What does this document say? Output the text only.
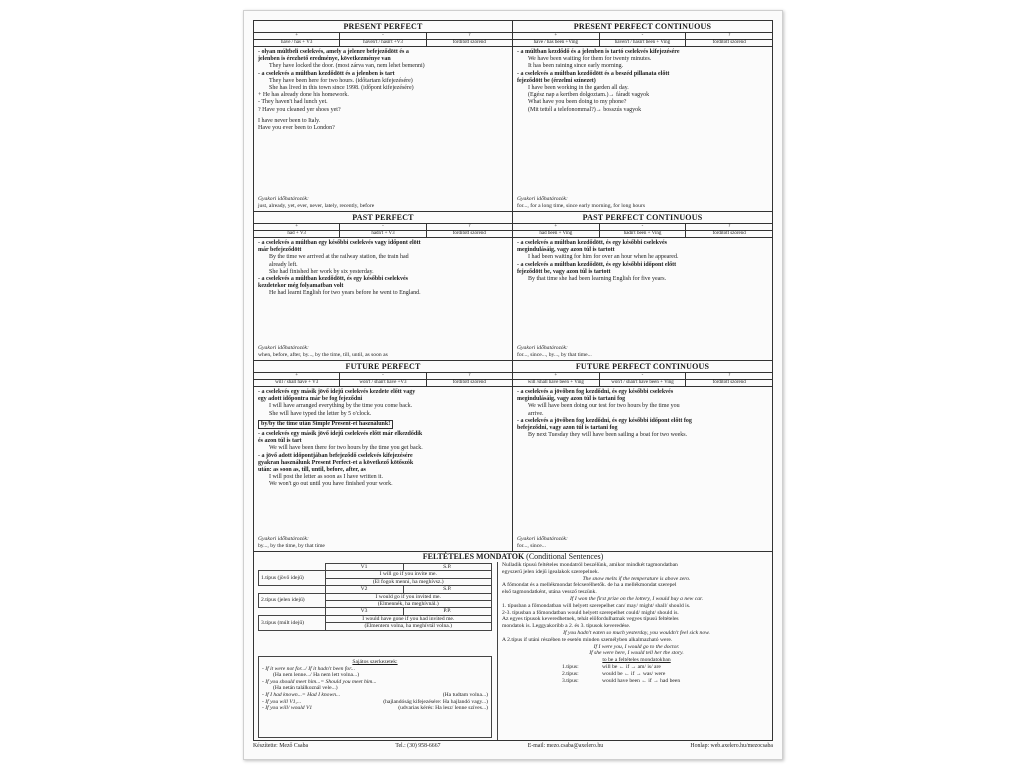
PRESENT PERFECT
+	-	?
have / has + V3	haven't / hasn't +V3	fordított szórend
- olyan múltbeli cselekvés, amely a jelenre befejeződött és a
jelenben is érezhető eredménye, következménye van
They have locked the door. (most zárva van, nem lehet bemenni)
- a cselekvés a múltban kezdődött és a jelenben is tart
They have been here for two hours. (időtartam kifejezésére)
She has lived in this town since 1998. (időpont kifejezésére)
+ He has already done his homework.
- They haven't had lunch yet.
? Have you cleaned yer shoes yet?
I have never been to Italy.
Have you ever been to London?
Gyakori időhatározók:
just, already, yet, ever, never, lately, recently, before
PRESENT PERFECT CONTINUOUS
+	-	?
have / has been +Ving	haven't / hasn't been + Ving	fordított szórend
- a múltban kezdődő és a jelenben is tartó cselekvés kifejezésére
We have been waiting for them for twenty minutes.
It has been raining since early morning.
- a cselekvés a múltban kezdődött és a beszéd pillanata előtt
fejeződött be (érzelmi színezet)
I have been working in the garden all day.
(Egész nap a kertben dolgoztam.)→ fáradt vagyok
What have you been doing to my phone?
(Mit tettél a telefonommal?)→ bosszús vagyok
Gyakori időhatározók:
for..., for a long time, since early morning, for long hours
PAST PERFECT
+	-	?
had + V3	hadn't + V3	fordított szórend
- a cselekvés a múltban egy későbbi cselekvés vagy időpont elött
már befejeződött
By the time we arrived at the railway station, the train had
already left.
She had finished her work by six yesterday.
- a cselekvés a múltban kezdődött, és egy későbbi cselekvés
kezdetekor még folyamatban volt
He had learnt English for two years before he went to England.
Gyakori időhatározók:
when, before, after, by..., by the time, till, until, as soon as
PAST PERFECT CONTINUOUS
+	-	?
had been + Ving	hadn't been + Ving	fordított szórend
- a cselekvés a múltban kezdődött, és egy későbbi cselekvés
megindulásáig, vagy azon túl is tartott
I had been waiting for him for over an hour when he appeared.
- a cselekvés a múltban kezdődött, és egy későbbi időpont előtt
fejeződött be, vagy azon túl is tartott
By that time she had been learning English for five years.
Gyakori időhatározók:
for..., since..., by..., by that time...
FUTURE PERFECT
+	-	?
will / shall have + V3	won't / shan't have +V3	fordított szórend
- a cselekvés egy másik jövő idejű cselekvés kezdete előtt vagy
egy adott időpontra már be fog fejeződni
I will have arranged everything by the time you come back.
She will have typed the letter by 5 o'clock.
by/by the time után Simple Present-et használunk!
- a cselekvés egy másik jövő idejű cselekvés előtt már elkezdődik
és azon túl is tart
We will have been there for two hours by the time you get back.
- a jövő adott időpontjában befejeződő cselekvés kifejezésére
gyakran használunk Present Perfect-et a következő kötőszók
után: as soon as, till, until, before, after, as
I will post the letter as soon as I have written it.
We won't go out until you have finished your work.
Gyakori időhatározók:
by..., by the time, by that time
FUTURE PERFECT CONTINUOUS
+	-	?
will /shall have been + Ving	won't / shan't have been + Ving	fordított szórend
- a cselekvés a jövőben fog kezdődni, és egy későbbi cselekvés
megindulásáig, vagy azon túl is tartani fog
We will have been doing our test for two hours by the time you
arrive.
- a cselekvés a jövőben fog kezdődni, és egy későbbi időpont előtt fog
befejeződni, vagy azon túl is tartani fog
By next Tuesday they will have been sailing a boat for two weeks.
Gyakori időhatározók:
for..., since...
FELTÉTELES MONDATOK (Conditional Sentences)
	V1	S.P.
1.típus (jövő idejű)	I will go if you invite me.	
	(El fogok menni, ha meghívsz.)	
	V2	S.P.
2.típus (jelen idejű)	I would go if you invited me.	
	(Elmennék, ha meghívnál.)	
	V3	P.P.
3.típus (múlt idejű)	I would have gone if you had invited me.	
	(Elmentem volna, ha meghívtál volna.)	
Sajátos szerkezetek:
- If it were not for.../ If it hadn't been for...
(Ha nem lenne.../ Ha nem lett volna...)
- If you should meet him...= Should you meet him...
(Ha netán találkoznál vele...)
- If I had known...= Had I known...	(Ha tudtam volna...)
- If you will V1,...	(hajlandóság kifejezésére: Ha hajlandó vagy...)
- If you will/ would V1	(udvarias kérés: Ha lesz/ lenne szíves...)
Nulladik típusú feltételes mondatról beszélünk, amikor mindkét tagmondatban
egyszerű jelen idejű igealakok szerepelnek.
The snow melts if the temperature is above zero.
A főmondat és a mellékmondat felcserélhetők. de ha a mellékmondat szerepel
első tagmondatként, utána vessző teszünk.
If I won the first prize on the lottery, I would buy a new car.
1. típusban a főmondatban will helyett szerepelhet can/ may/ might/ shall/ should is.
2-3. típusban a főmondatban would helyett szerepelhet could/ might/ should is.
Az egyes típusok keveredhetnek, tehát előfordulhatnak vegyes típusú feltételes
mondatok is. Leggyakoribb a 2. és 3. típusok keveredése.
If you hadn't eaten so much yesterday, you wouldn't feel sick now.
A 2.típus if utáni részében te esetén minden személyben alkalmazható were.
If I were you, I would go to the doctor.
If she were here, I would tell her the story.
to be a feltételes mondatokban
1.típus:	will be ← if → am/ is/ are
2.típus:	would be ← if → was/ were
3.típus:	would have been ← if → had been
Készítette: Mező Csaba	Tel.: (30) 958-6667	E-mail: mezo.csaba@axelero.hu	Honlap: web.axelero.hu/mezocsaba
